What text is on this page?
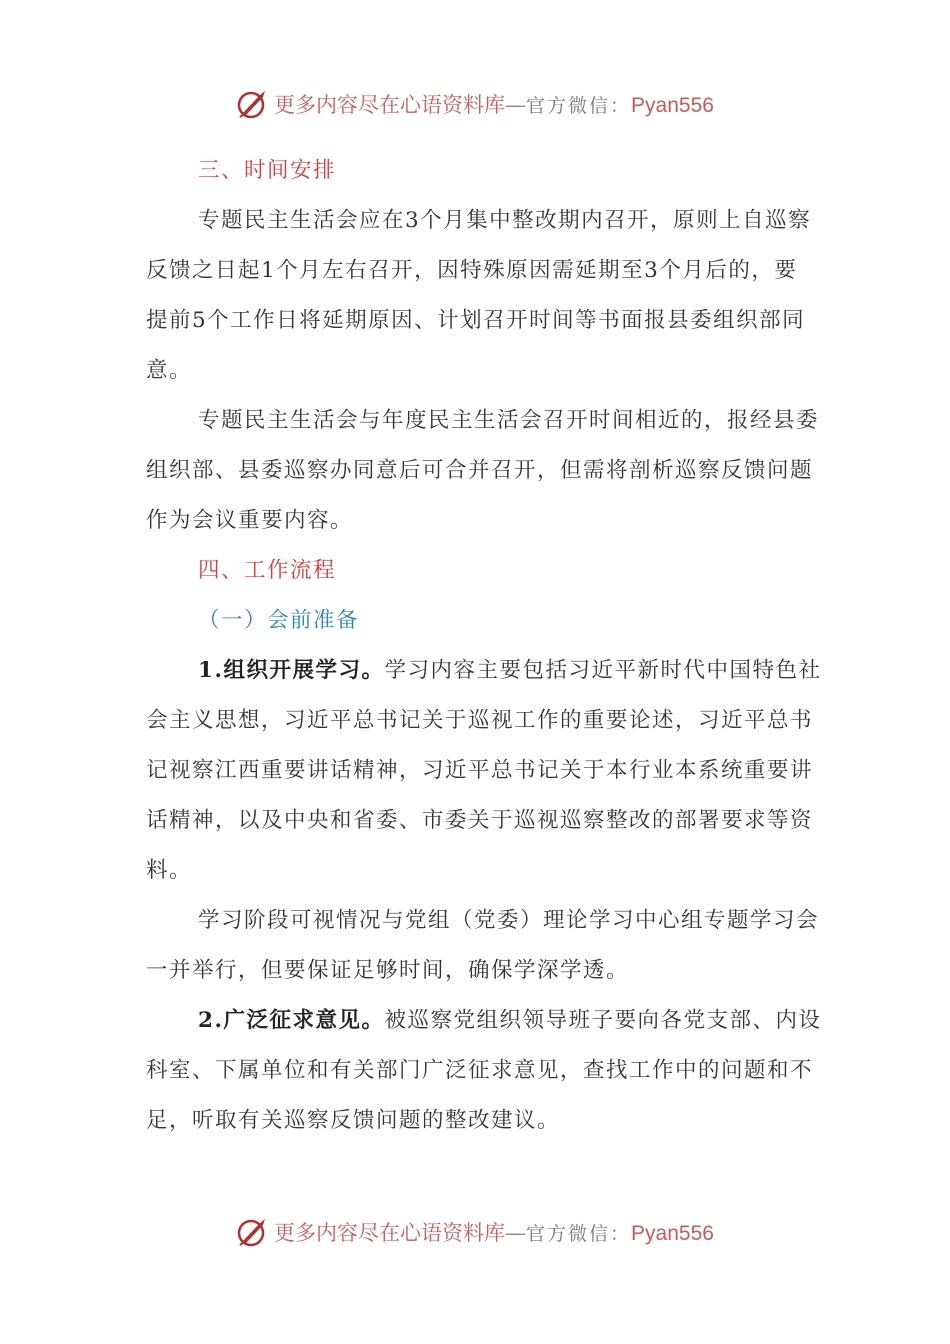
更多内容尽在心语资料库—官方微信：Pyan556
三、时间安排
专题民主生活会应在3个月集中整改期内召开，原则上自巡察
反馈之日起1个月左右召开，因特殊原因需延期至3个月后的，要
提前5个工作日将延期原因、计划召开时间等书面报县委组织部同
意。
专题民主生活会与年度民主生活会召开时间相近的，报经县委
组织部、县委巡察办同意后可合并召开，但需将剖析巡察反馈问题
作为会议重要内容。
四、工作流程
（一）会前准备
1.组织开展学习。学习内容主要包括习近平新时代中国特色社
会主义思想，习近平总书记关于巡视工作的重要论述，习近平总书
记视察江西重要讲话精神，习近平总书记关于本行业本系统重要讲
话精神，以及中央和省委、市委关于巡视巡察整改的部署要求等资
料。
学习阶段可视情况与党组（党委）理论学习中心组专题学习会
一并举行，但要保证足够时间，确保学深学透。
2.广泛征求意见。被巡察党组织领导班子要向各党支部、内设
科室、下属单位和有关部门广泛征求意见，查找工作中的问题和不
足，听取有关巡察反馈问题的整改建议。
更多内容尽在心语资料库—官方微信：Pyan556
